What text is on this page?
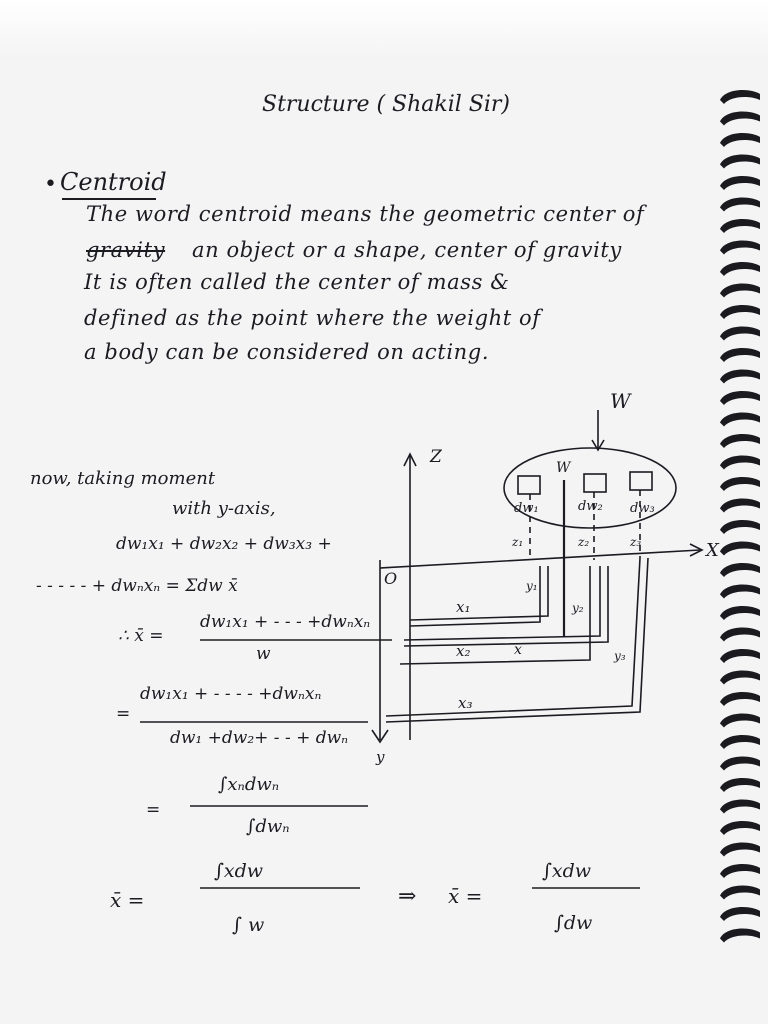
Structure ( Shakil Sir)
• Centroid
The word centroid means the geometric center of
gravity an object or a shape, center of gravity
It is often called the center of mass &
defined as the point where the weight of
a body can be considered on acting.
now, taking moment
with y-axis,
dw₁x₁ + dw₂x₂ + dw₃x₃ +
- - - - - + dwₙxₙ = Σdw x̄
∴ x̄ =
dw₁x₁ + - - - +dwₙxₙ
w
=
dw₁x₁ + - - - - +dwₙxₙ
dw₁ +dw₂+ - - + dwₙ
=
∫xₙdwₙ
∫dwₙ
x̄ =
∫xdw
∫ w
⇒ x̄ =
∫xdw
∫dw
W
W
Z
X
y
O
dw₁	dw₂ dw₃
z₁	z₂	z₃
y₁
y₂
y₃
x₁
x₂
x₃
x̄
